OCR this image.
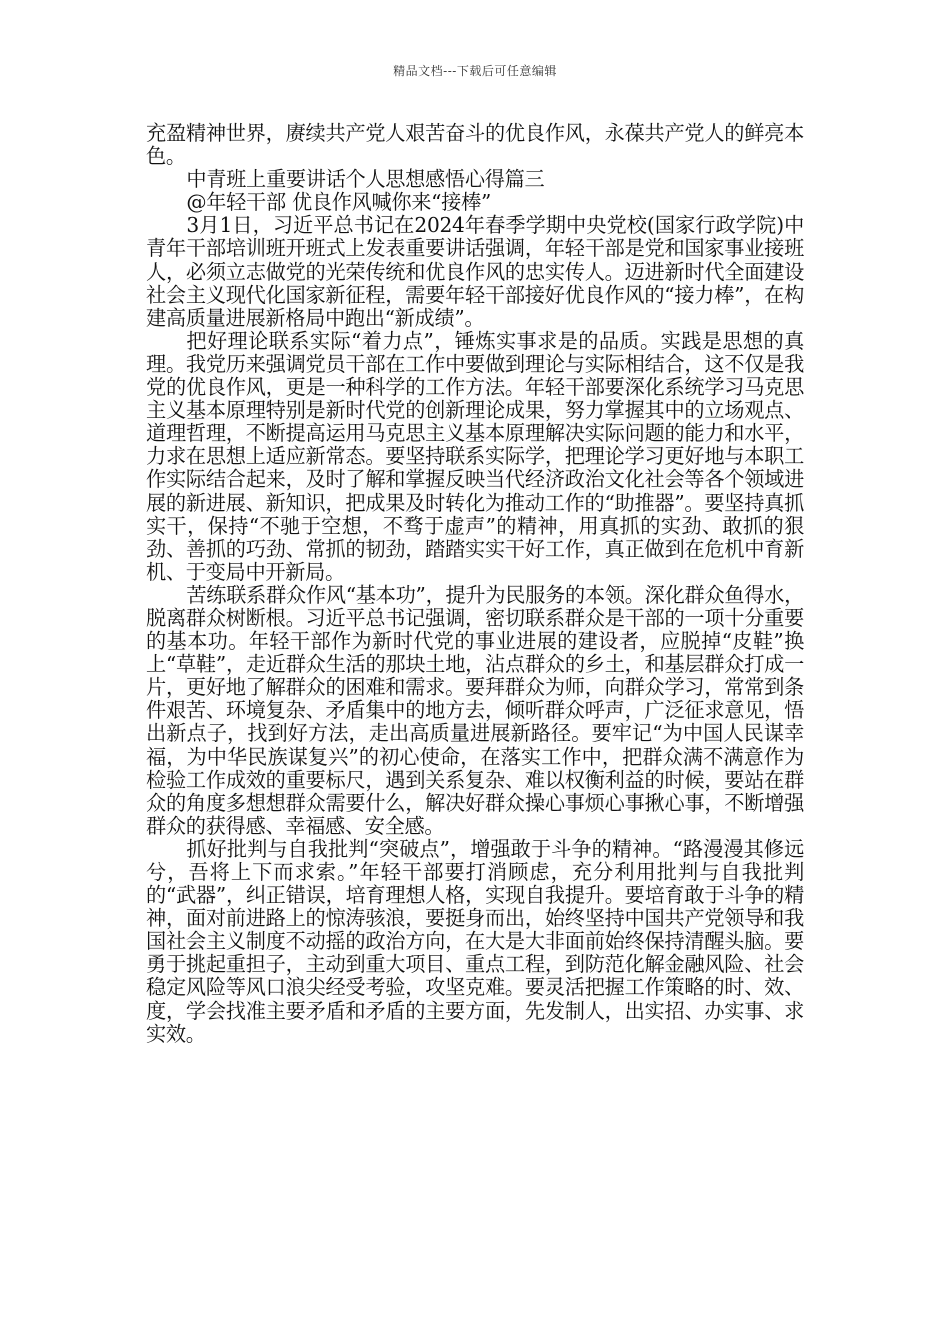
精品文档---下载后可任意编辑

充盈精神世界，赓续共产党人艰苦奋斗的优良作风，永葆共产党人的鲜亮本色。

中青班上重要讲话个人思想感悟心得篇三

@年轻干部 优良作风喊你来“接棒”

3月1日，习近平总书记在2024年春季学期中央党校(国家行政学院)中青年干部培训班开班式上发表重要讲话强调，年轻干部是党和国家事业接班人，必须立志做党的光荣传统和优良作风的忠实传人。迈进新时代全面建设社会主义现代化国家新征程，需要年轻干部接好优良作风的“接力棒”，在构建高质量进展新格局中跑出“新成绩”。

把好理论联系实际“着力点”，锤炼实事求是的品质。实践是思想的真理。我党历来强调党员干部在工作中要做到理论与实际相结合，这不仅是我党的优良作风，更是一种科学的工作方法。年轻干部要深化系统学习马克思主义基本原理特别是新时代党的创新理论成果，努力掌握其中的立场观点、道理哲理，不断提高运用马克思主义基本原理解决实际问题的能力和水平，力求在思想上适应新常态。要坚持联系实际学，把理论学习更好地与本职工作实际结合起来，及时了解和掌握反映当代经济政治文化社会等各个领域进展的新进展、新知识，把成果及时转化为推动工作的“助推器”。要坚持真抓实干，保持“不驰于空想，不骛于虚声”的精神，用真抓的实劲、敢抓的狠劲、善抓的巧劲、常抓的韧劲，踏踏实实干好工作，真正做到在危机中育新机、于变局中开新局。

苦练联系群众作风“基本功”，提升为民服务的本领。深化群众鱼得水，脱离群众树断根。习近平总书记强调，密切联系群众是干部的一项十分重要的基本功。年轻干部作为新时代党的事业进展的建设者，应脱掉“皮鞋”换上“草鞋”，走近群众生活的那块土地，沾点群众的乡土，和基层群众打成一片，更好地了解群众的困难和需求。要拜群众为师，向群众学习，常常到条件艰苦、环境复杂、矛盾集中的地方去，倾听群众呼声，广泛征求意见，悟出新点子，找到好方法，走出高质量进展新路径。要牢记“为中国人民谋幸福，为中华民族谋复兴”的初心使命，在落实工作中，把群众满不满意作为检验工作成效的重要标尺，遇到关系复杂、难以权衡利益的时候，要站在群众的角度多想想群众需要什么，解决好群众操心事烦心事揪心事，不断增强群众的获得感、幸福感、安全感。

抓好批判与自我批判“突破点”，增强敢于斗争的精神。“路漫漫其修远兮，吾将上下而求索。”年轻干部要打消顾虑，充分利用批判与自我批判的“武器”，纠正错误，培育理想人格，实现自我提升。要培育敢于斗争的精神，面对前进路上的惊涛骇浪，要挺身而出，始终坚持中国共产党领导和我国社会主义制度不动摇的政治方向，在大是大非面前始终保持清醒头脑。要勇于挑起重担子，主动到重大项目、重点工程，到防范化解金融风险、社会稳定风险等风口浪尖经受考验，攻坚克难。要灵活把握工作策略的时、效、度，学会找准主要矛盾和矛盾的主要方面，先发制人，出实招、办实事、求实效。
